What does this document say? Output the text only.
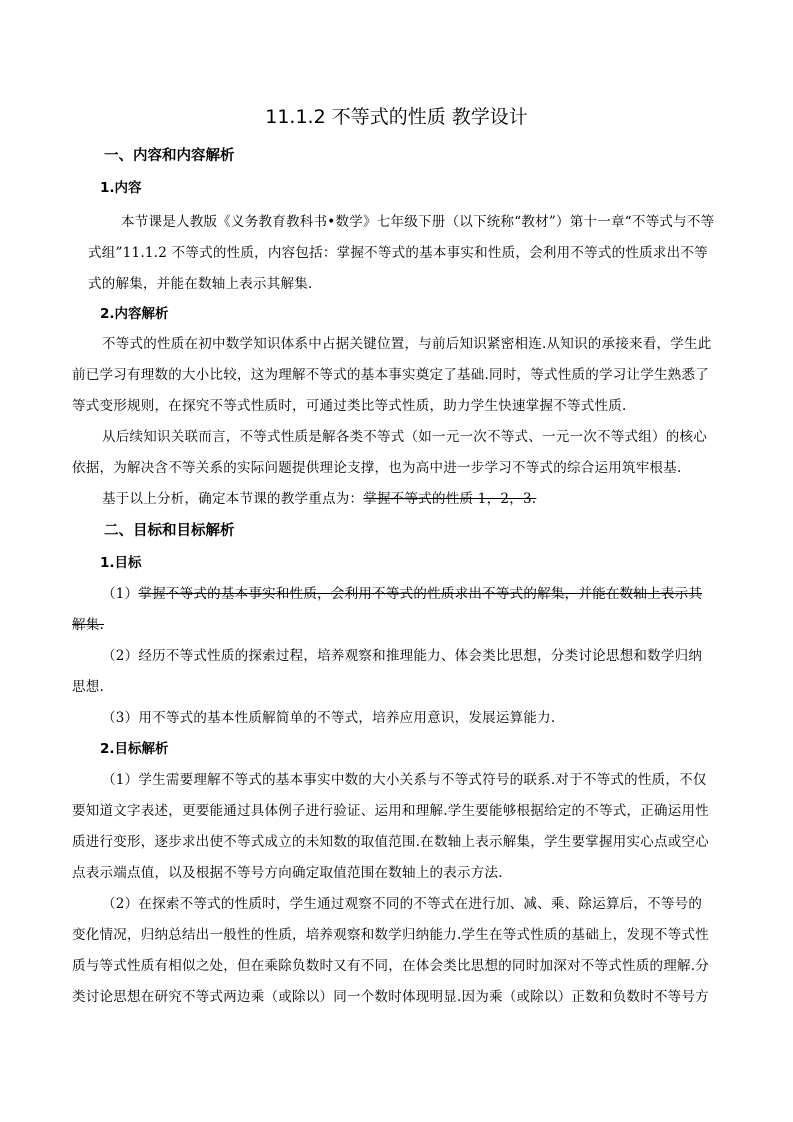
11.1.2 不等式的性质 教学设计
一、内容和内容解析
1.内容
本节课是人教版《义务教育教科书•数学》七年级下册（以下统称“教材”）第十一章“不等式与不等
式组”11.1.2 不等式的性质，内容包括：掌握不等式的基本事实和性质，会利用不等式的性质求出不等
式的解集，并能在数轴上表示其解集.
2.内容解析
不等式的性质在初中数学知识体系中占据关键位置，与前后知识紧密相连.从知识的承接来看，学生此
前已学习有理数的大小比较，这为理解不等式的基本事实奠定了基础.同时，等式性质的学习让学生熟悉了
等式变形规则，在探究不等式性质时，可通过类比等式性质，助力学生快速掌握不等式性质.
从后续知识关联而言，不等式性质是解各类不等式（如一元一次不等式、一元一次不等式组）的核心
依据，为解决含不等关系的实际问题提供理论支撑，也为高中进一步学习不等式的综合运用筑牢根基.
基于以上分析，确定本节课的教学重点为：掌握不等式的性质 1，2，3.
二、目标和目标解析
1.目标
（1）掌握不等式的基本事实和性质，会利用不等式的性质求出不等式的解集，并能在数轴上表示其
解集.
（2）经历不等式性质的探索过程，培养观察和推理能力、体会类比思想，分类讨论思想和数学归纳
思想.
（3）用不等式的基本性质解简单的不等式，培养应用意识，发展运算能力.
2.目标解析
（1）学生需要理解不等式的基本事实中数的大小关系与不等式符号的联系.对于不等式的性质，不仅
要知道文字表述，更要能通过具体例子进行验证、运用和理解.学生要能够根据给定的不等式，正确运用性
质进行变形，逐步求出使不等式成立的未知数的取值范围.在数轴上表示解集，学生要掌握用实心点或空心
点表示端点值，以及根据不等号方向确定取值范围在数轴上的表示方法.
（2）在探索不等式的性质时，学生通过观察不同的不等式在进行加、减、乘、除运算后，不等号的
变化情况，归纳总结出一般性的性质，培养观察和数学归纳能力.学生在等式性质的基础上，发现不等式性
质与等式性质有相似之处，但在乘除负数时又有不同，在体会类比思想的同时加深对不等式性质的理解.分
类讨论思想在研究不等式两边乘（或除以）同一个数时体现明显.因为乘（或除以）正数和负数时不等号方
